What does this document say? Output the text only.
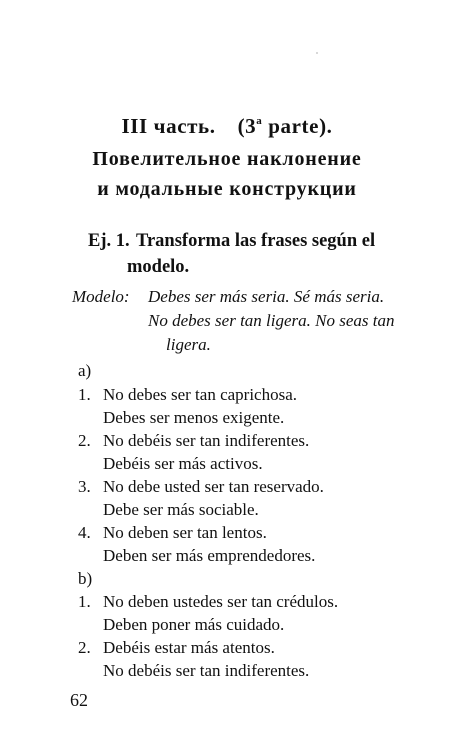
III часть. (3$^a$ parte).
Повелительное наклонение
и модальные конструкции
Ej. 1. Transforma las frases según el
modelo.
Modelo: Debes ser más seria. Sé más seria.
No debes ser tan ligera. No seas tan
ligera.
a)
1. No debes ser tan caprichosa.
Debes ser menos exigente.
2. No debéis ser tan indiferentes.
Debéis ser más activos.
3. No debe usted ser tan reservado.
Debe ser más sociable.
4. No deben ser tan lentos.
Deben ser más emprendedores.
b)
1. No deben ustedes ser tan crédulos.
Deben poner más cuidado.
2. Debéis estar más atentos.
No debéis ser tan indiferentes.
62
